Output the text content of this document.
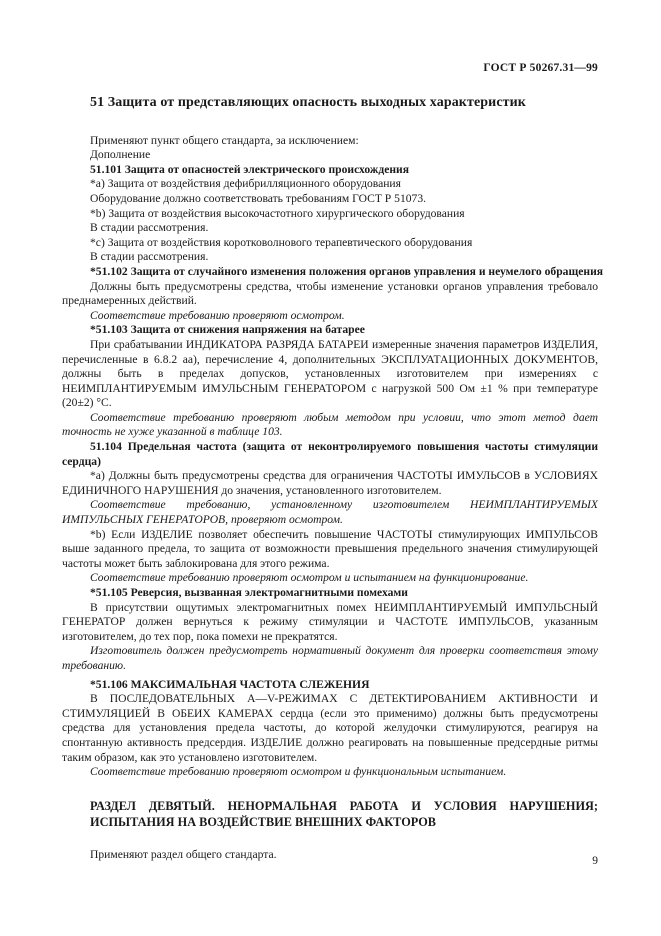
ГОСТ Р 50267.31—99

51 Защита от представляющих опасность выходных характеристик

Применяют пункт общего стандарта, за исключением:

Дополнение

51.101 Защита от опасностей электрического происхождения

*а) Защита от воздействия дефибрилляционного оборудования

Оборудование должно соответствовать требованиям ГОСТ Р 51073.

*b) Защита от воздействия высокочастотного хирургического оборудования

В стадии рассмотрения.

*с) Защита от воздействия коротковолнового терапевтического оборудования

В стадии рассмотрения.

*51.102 Защита от случайного изменения положения органов управления и неумелого обращения

Должны быть предусмотрены средства, чтобы изменение установки органов управления требовало преднамеренных действий.

Соответствие требованию проверяют осмотром.

*51.103 Защита от снижения напряжения на батарее

При срабатывании ИНДИКАТОРА РАЗРЯДА БАТАРЕИ измеренные значения параметров ИЗДЕЛИЯ, перечисленные в 6.8.2 аа), перечисление 4, дополнительных ЭКСПЛУАТАЦИОННЫХ ДОКУМЕНТОВ, должны быть в пределах допусков, установленных изготовителем при измерениях с НЕИМПЛАНТИРУЕМЫМ ИМУЛЬСНЫМ ГЕНЕРАТОРОМ с нагрузкой 500 Ом ±1 % при температуре (20±2) °С.

Соответствие требованию проверяют любым методом при условии, что этот метод дает точность не хуже указанной в таблице 103.

51.104 Предельная частота (защита от неконтролируемого повышения частоты стимуляции сердца)

*а) Должны быть предусмотрены средства для ограничения ЧАСТОТЫ ИМУЛЬСОВ в УСЛОВИЯХ ЕДИНИЧНОГО НАРУШЕНИЯ до значения, установленного изготовителем.

Соответствие требованию, установленному изготовителем НЕИМПЛАНТИРУЕМЫХ ИМПУЛЬСНЫХ ГЕНЕРАТОРОВ, проверяют осмотром.

*b) Если ИЗДЕЛИЕ позволяет обеспечить повышение ЧАСТОТЫ стимулирующих ИМПУЛЬСОВ выше заданного предела, то защита от возможности превышения предельного значения стимулирующей частоты может быть заблокирована для этого режима.

Соответствие требованию проверяют осмотром и испытанием на функционирование.

*51.105 Реверсия, вызванная электромагнитными помехами

В присутствии ощутимых электромагнитных помех НЕИМПЛАНТИРУЕМЫЙ ИМПУЛЬСНЫЙ ГЕНЕРАТОР должен вернуться к режиму стимуляции и ЧАСТОТЕ ИМПУЛЬСОВ, указанным изготовителем, до тех пор, пока помехи не прекратятся.

Изготовитель должен предусмотреть нормативный документ для проверки соответствия этому требованию.

*51.106 МАКСИМАЛЬНАЯ ЧАСТОТА СЛЕЖЕНИЯ

В ПОСЛЕДОВАТЕЛЬНЫХ А—V-РЕЖИМАХ С ДЕТЕКТИРОВАНИЕМ АКТИВНОСТИ И СТИМУЛЯЦИЕЙ В ОБЕИХ КАМЕРАХ сердца (если это применимо) должны быть предусмотрены средства для установления предела частоты, до которой желудочки стимулируются, реагируя на спонтанную активность предсердия. ИЗДЕЛИЕ должно реагировать на повышенные предсердные ритмы таким образом, как это установлено изготовителем.

Соответствие требованию проверяют осмотром и функциональным испытанием.

РАЗДЕЛ ДЕВЯТЫЙ. НЕНОРМАЛЬНАЯ РАБОТА И УСЛОВИЯ НАРУШЕНИЯ; ИСПЫТАНИЯ НА ВОЗДЕЙСТВИЕ ВНЕШНИХ ФАКТОРОВ

Применяют раздел общего стандарта.

9
